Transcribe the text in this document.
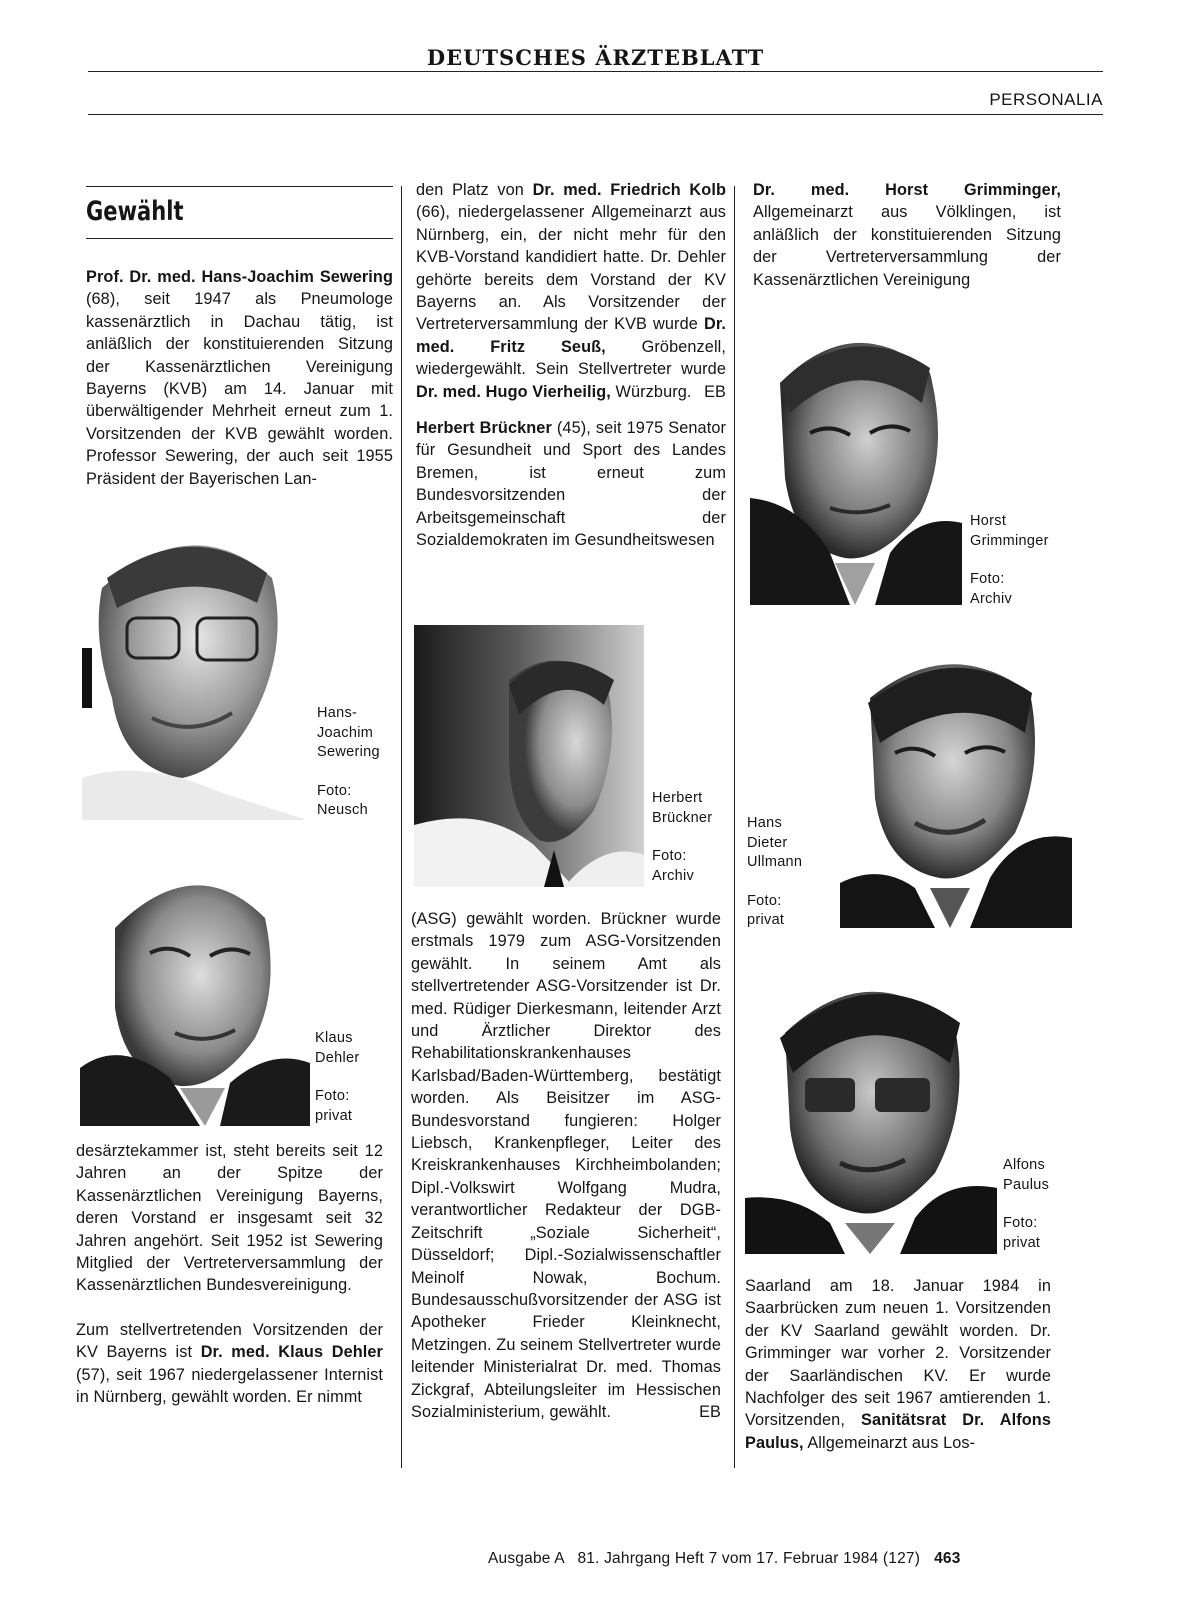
DEUTSCHES ÄRZTEBLATT
PERSONALIA
Gewählt

Prof. Dr. med. Hans-Joachim Sewering (68), seit 1947 als Pneumologe kassenärztlich in Dachau tätig, ist anläßlich der konstituierenden Sitzung der Kassenärztlichen Vereinigung Bayerns (KVB) am 14. Januar mit überwältigender Mehrheit erneut zum 1. Vorsitzenden der KVB gewählt worden. Professor Sewering, der auch seit 1955 Präsident der Bayerischen Lan-

Hans-
Joachim
Sewering
Foto:
Neusch
Klaus
Dehler
Foto:
privat

desärztekammer ist, steht bereits seit 12 Jahren an der Spitze der Kassenärztlichen Vereinigung Bayerns, deren Vorstand er insgesamt seit 32 Jahren angehört. Seit 1952 ist Sewering Mitglied der Vertreterversammlung der Kassenärztlichen Bundesvereinigung.

Zum stellvertretenden Vorsitzenden der KV Bayerns ist Dr. med. Klaus Dehler (57), seit 1967 niedergelassener Internist in Nürnberg, gewählt worden. Er nimmt

den Platz von Dr. med. Friedrich Kolb (66), niedergelassener Allgemeinarzt aus Nürnberg, ein, der nicht mehr für den KVB-Vorstand kandidiert hatte. Dr. Dehler gehörte bereits dem Vorstand der KV Bayerns an. Als Vorsitzender der Vertreterversammlung der KVB wurde Dr. med. Fritz Seuß, Gröbenzell, wiedergewählt. Sein Stellvertreter wurde Dr. med. Hugo Vierheilig, Würzburg. EB

Herbert Brückner (45), seit 1975 Senator für Gesundheit und Sport des Landes Bremen, ist erneut zum Bundesvorsitzenden der Arbeitsgemeinschaft der Sozialdemokraten im Gesundheitswesen

Herbert
Brückner
Foto:
Archiv

(ASG) gewählt worden. Brückner wurde erstmals 1979 zum ASG-Vorsitzenden gewählt. In seinem Amt als stellvertretender ASG-Vorsitzender ist Dr. med. Rüdiger Dierkesmann, leitender Arzt und Ärztlicher Direktor des Rehabilitationskrankenhauses Karlsbad/Baden-Württemberg, bestätigt worden. Als Beisitzer im ASG-Bundesvorstand fungieren: Holger Liebsch, Krankenpfleger, Leiter des Kreiskrankenhauses Kirchheimbolanden; Dipl.-Volkswirt Wolfgang Mudra, verantwortlicher Redakteur der DGB-Zeitschrift „Soziale Sicherheit“, Düsseldorf; Dipl.-Sozialwissenschaftler Meinolf Nowak, Bochum. Bundesausschußvorsitzender der ASG ist Apotheker Frieder Kleinknecht, Metzingen. Zu seinem Stellvertreter wurde leitender Ministerialrat Dr. med. Thomas Zickgraf, Abteilungsleiter im Hessischen Sozialministerium, gewählt.	EB

Dr. med. Horst Grimminger, Allgemeinarzt aus Völklingen, ist anläßlich der konstituierenden Sitzung der Vertreterversammlung der Kassenärztlichen Vereinigung

Horst
Grimminger
Foto:
Archiv
Hans
Dieter
Ullmann
Foto:
privat
Alfons
Paulus
Foto:
privat

Saarland am 18. Januar 1984 in Saarbrücken zum neuen 1. Vorsitzenden der KV Saarland gewählt worden. Dr. Grimminger war vorher 2. Vorsitzender der Saarländischen KV. Er wurde Nachfolger des seit 1967 amtierenden 1. Vorsitzenden, Sanitätsrat Dr. Alfons Paulus, Allgemeinarzt aus Los-

Ausgabe A   81. Jahrgang Heft 7 vom 17. Februar 1984 (127) 463
